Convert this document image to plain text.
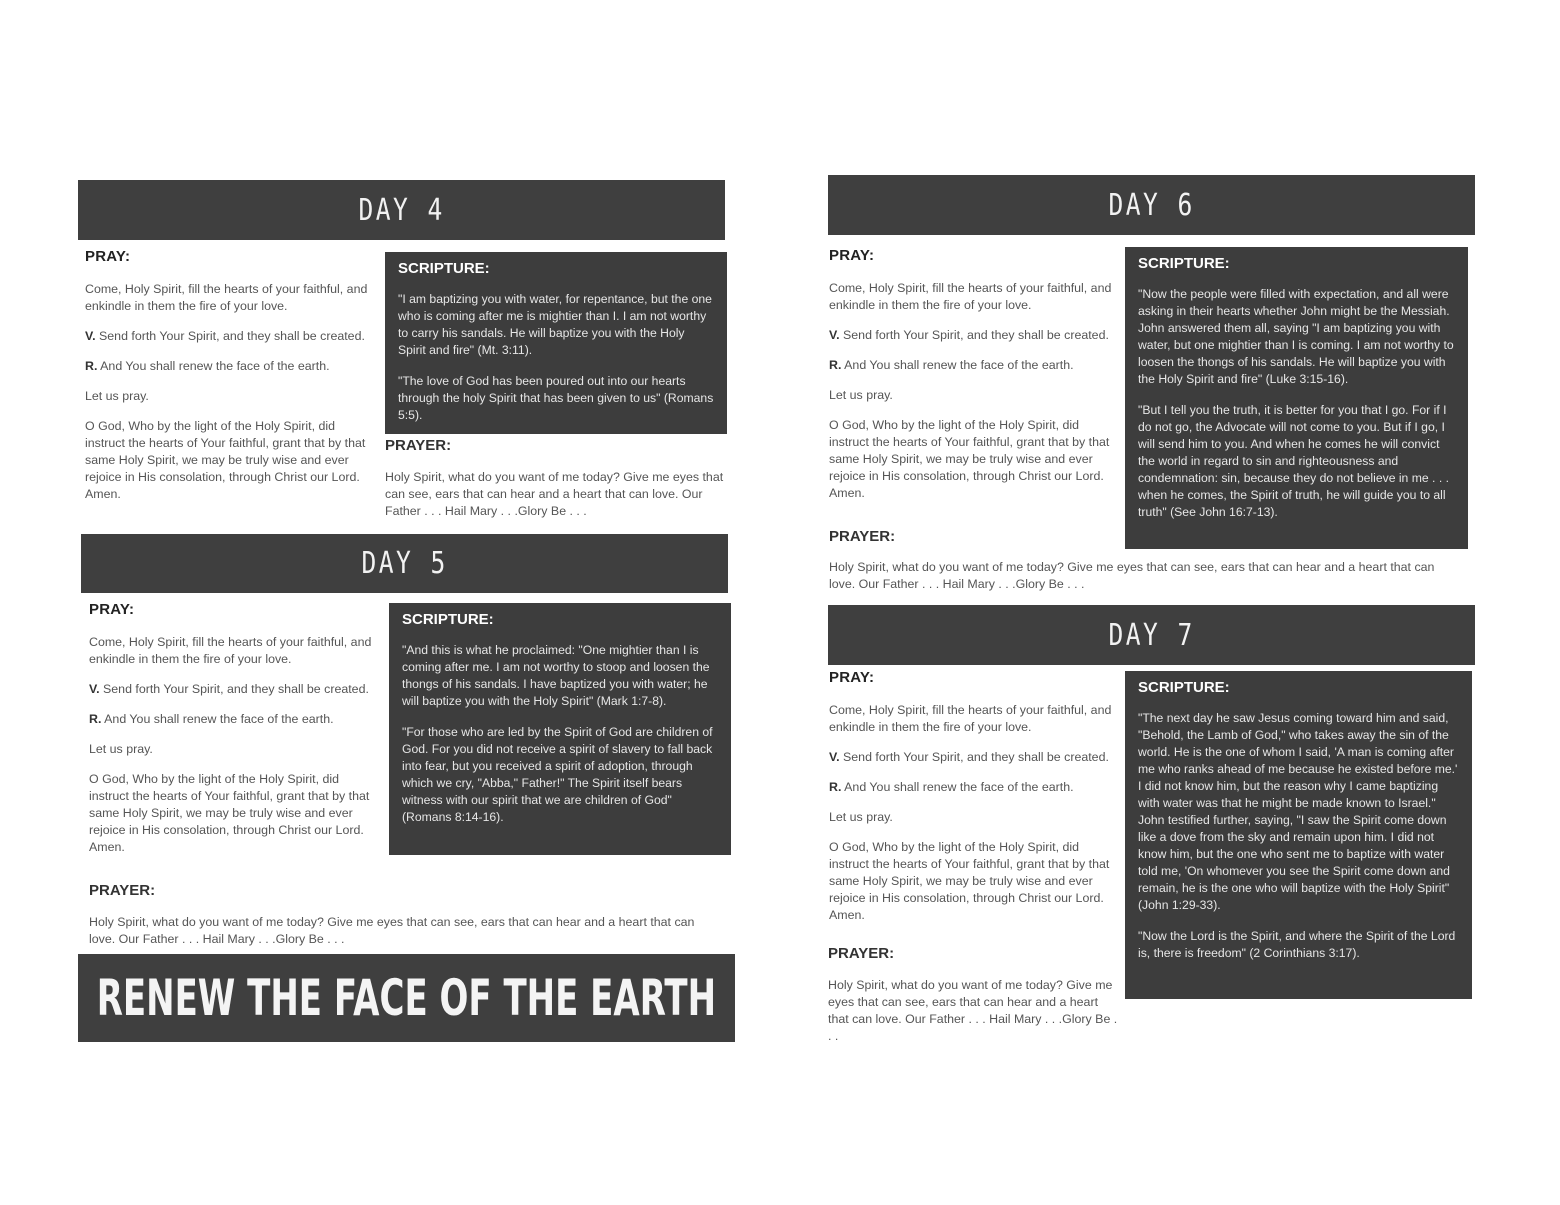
DAY 4
PRAY:

Come, Holy Spirit, fill the hearts of your faithful, and enkindle in them the fire of your love.

V. Send forth Your Spirit, and they shall be created.

R. And You shall renew the face of the earth.

Let us pray.

O God, Who by the light of the Holy Spirit, did instruct the hearts of Your faithful, grant that by that same Holy Spirit, we may be truly wise and ever rejoice in His consolation, through Christ our Lord. Amen.

SCRIPTURE:

"I am baptizing you with water, for repentance, but the one who is coming after me is mightier than I. I am not worthy to carry his sandals. He will baptize you with the Holy Spirit and fire" (Mt. 3:11).

"The love of God has been poured out into our hearts through the holy Spirit that has been given to us" (Romans 5:5).

PRAYER:
Holy Spirit, what do you want of me today? Give me eyes that can see, ears that can hear and a heart that can love. Our Father . . . Hail Mary . . .Glory Be . . .
DAY 5
PRAY:

Come, Holy Spirit, fill the hearts of your faithful, and enkindle in them the fire of your love.

V. Send forth Your Spirit, and they shall be created.

R. And You shall renew the face of the earth.

Let us pray.

O God, Who by the light of the Holy Spirit, did instruct the hearts of Your faithful, grant that by that same Holy Spirit, we may be truly wise and ever rejoice in His consolation, through Christ our Lord. Amen.

SCRIPTURE:

"And this is what he proclaimed: "One mightier than I is coming after me. I am not worthy to stoop and loosen the thongs of his sandals. I have baptized you with water; he will baptize you with the Holy Spirit" (Mark 1:7-8).

"For those who are led by the Spirit of God are children of God. For you did not receive a spirit of slavery to fall back into fear, but you received a spirit of adoption, through which we cry, "Abba," Father!" The Spirit itself bears witness with our spirit that we are children of God" (Romans 8:14-16).

PRAYER:
Holy Spirit, what do you want of me today? Give me eyes that can see, ears that can hear and a heart that can love. Our Father . . . Hail Mary . . .Glory Be . . .
RENEW THE FACE OF THE EARTH
DAY 6
PRAY:

Come, Holy Spirit, fill the hearts of your faithful, and enkindle in them the fire of your love.

V. Send forth Your Spirit, and they shall be created.

R. And You shall renew the face of the earth.

Let us pray.

O God, Who by the light of the Holy Spirit, did instruct the hearts of Your faithful, grant that by that same Holy Spirit, we may be truly wise and ever rejoice in His consolation, through Christ our Lord. Amen.

PRAYER:
SCRIPTURE:

"Now the people were filled with expectation, and all were asking in their hearts whether John might be the Messiah. John answered them all, saying "I am baptizing you with water, but one mightier than I is coming. I am not worthy to loosen the thongs of his sandals. He will baptize you with the Holy Spirit and fire" (Luke 3:15-16).

"But I tell you the truth, it is better for you that I go. For if I do not go, the Advocate will not come to you. But if I go, I will send him to you. And when he comes he will convict the world in regard to sin and righteousness and condemnation: sin, because they do not believe in me . . . when he comes, the Spirit of truth, he will guide you to all truth" (See John 16:7-13).

Holy Spirit, what do you want of me today? Give me eyes that can see, ears that can hear and a heart that can love. Our Father . . . Hail Mary . . .Glory Be . . .
DAY 7
PRAY:

Come, Holy Spirit, fill the hearts of your faithful, and enkindle in them the fire of your love.

V. Send forth Your Spirit, and they shall be created.

R. And You shall renew the face of the earth.

Let us pray.

O God, Who by the light of the Holy Spirit, did instruct the hearts of Your faithful, grant that by that same Holy Spirit, we may be truly wise and ever rejoice in His consolation, through Christ our Lord. Amen.

PRAYER:
Holy Spirit, what do you want of me today? Give me eyes that can see, ears that can hear and a heart that can love. Our Father . . . Hail Mary . . .Glory Be . . .
SCRIPTURE:

"The next day he saw Jesus coming toward him and said, "Behold, the Lamb of God," who takes away the sin of the world. He is the one of whom I said, 'A man is coming after me who ranks ahead of me because he existed before me.' I did not know him, but the reason why I came baptizing with water was that he might be made known to Israel." John testified further, saying, "I saw the Spirit come down like a dove from the sky and remain upon him. I did not know him, but the one who sent me to baptize with water told me, 'On whomever you see the Spirit come down and remain, he is the one who will baptize with the Holy Spirit" (John 1:29-33).

"Now the Lord is the Spirit, and where the Spirit of the Lord is, there is freedom" (2 Corinthians 3:17).
